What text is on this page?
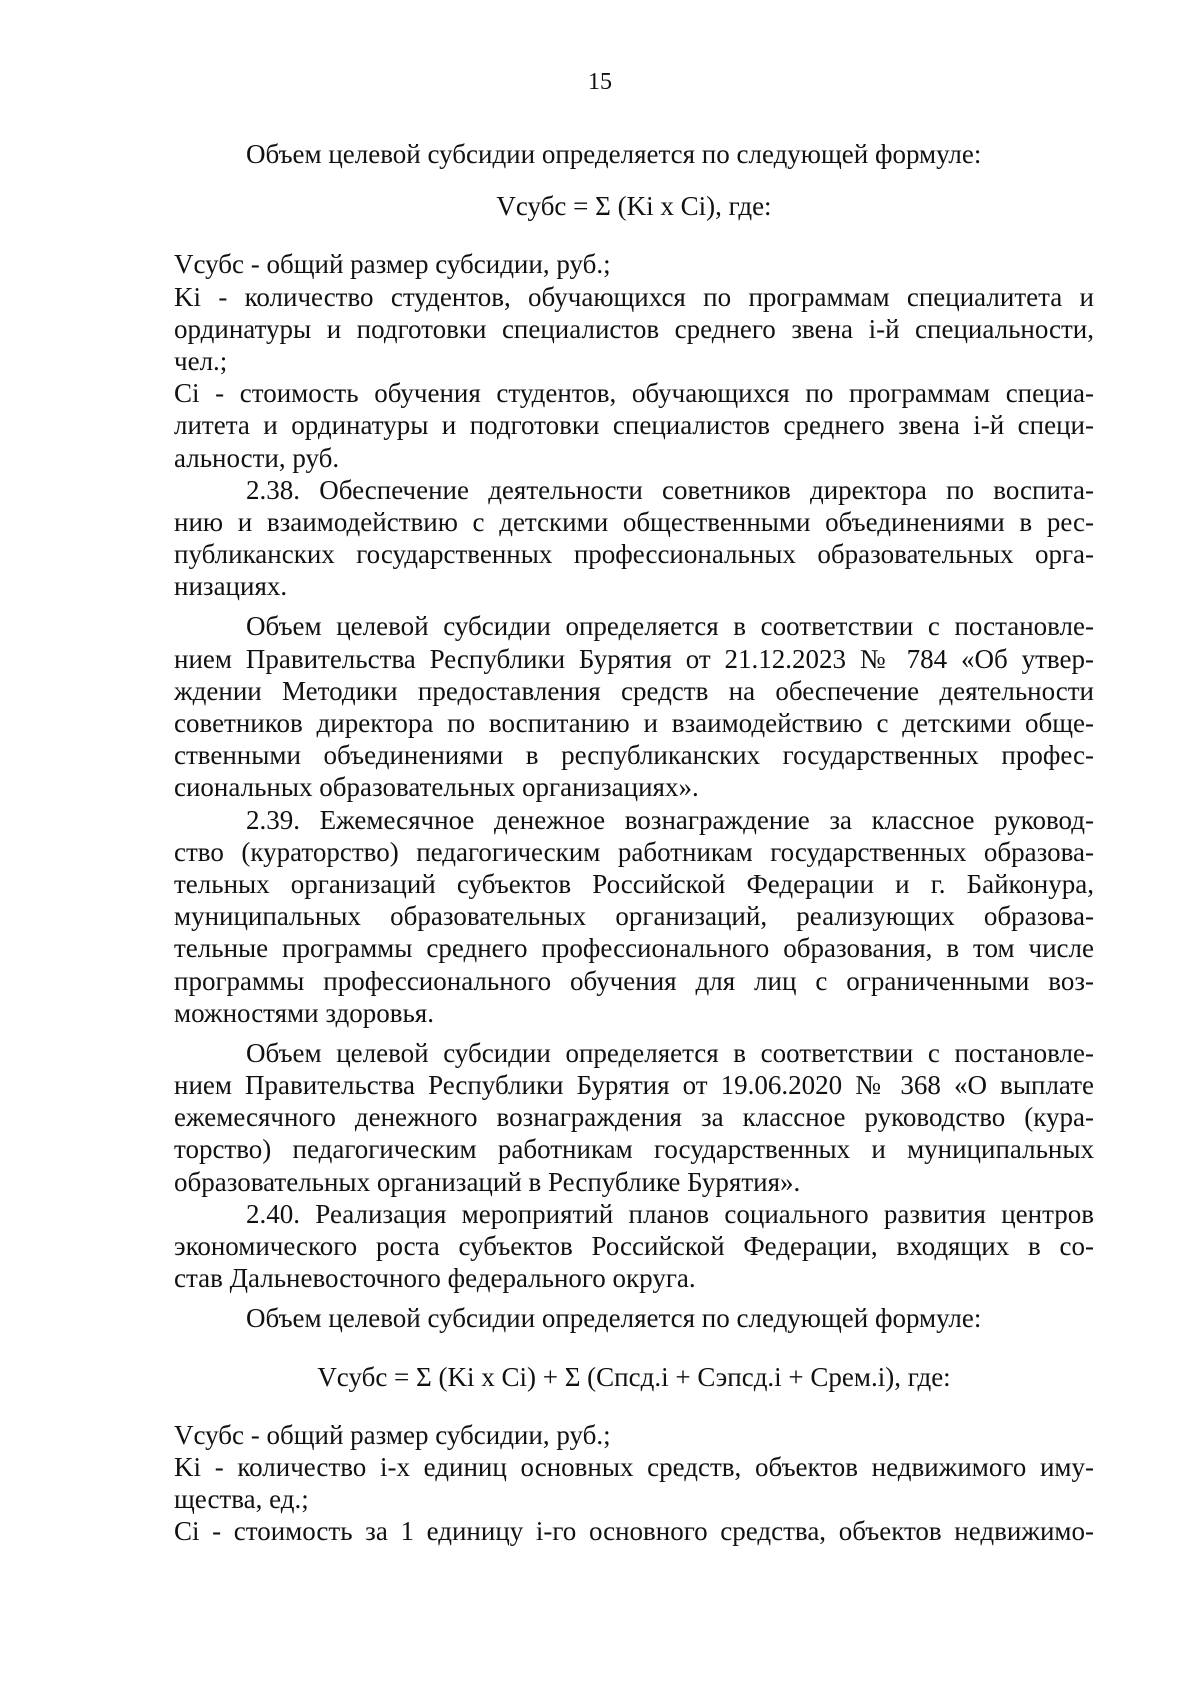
15
Объем целевой субсидии определяется по следующей формуле:
Vсубс = Σ (Ki x Ci), где:
Vсубс - общий размер субсидии, руб.;
Ki - количество студентов, обучающихся по программам специалитета и
ординатуры и подготовки специалистов среднего звена i-й специальности,
чел.;
Ci - стоимость обучения студентов, обучающихся по программам специа-
литета и ординатуры и подготовки специалистов среднего звена i-й специ-
альности, руб.
2.38. Обеспечение деятельности советников директора по воспита-
нию и взаимодействию с детскими общественными объединениями в рес-
публиканских государственных профессиональных образовательных орга-
низациях.
Объем целевой субсидии определяется в соответствии с постановле-
нием Правительства Республики Бурятия от 21.12.2023 № 784 «Об утвер-
ждении Методики предоставления средств на обеспечение деятельности
советников директора по воспитанию и взаимодействию с детскими обще-
ственными объединениями в республиканских государственных профес-
сиональных образовательных организациях».
2.39. Ежемесячное денежное вознаграждение за классное руковод-
ство (кураторство) педагогическим работникам государственных образова-
тельных организаций субъектов Российской Федерации и г. Байконура,
муниципальных образовательных организаций, реализующих образова-
тельные программы среднего профессионального образования, в том числе
программы профессионального обучения для лиц с ограниченными воз-
можностями здоровья.
Объем целевой субсидии определяется в соответствии с постановле-
нием Правительства Республики Бурятия от 19.06.2020 № 368 «О выплате
ежемесячного денежного вознаграждения за классное руководство (кура-
торство) педагогическим работникам государственных и муниципальных
образовательных организаций в Республике Бурятия».
2.40. Реализация мероприятий планов социального развития центров
экономического роста субъектов Российской Федерации, входящих в со-
став Дальневосточного федерального округа.
Объем целевой субсидии определяется по следующей формуле:
Vсубс = Σ (Ki x Ci) + Σ (Спсд.i + Сэпсд.i + Срем.i), где:
Vсубс - общий размер субсидии, руб.;
Ki - количество i-х единиц основных средств, объектов недвижимого иму-
щества, ед.;
Ci - стоимость за 1 единицу i-го основного средства, объектов недвижимо-
